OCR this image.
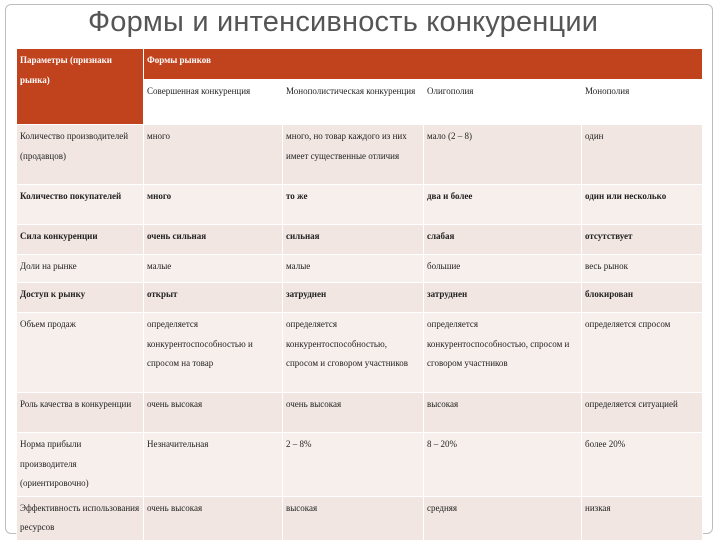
Формы и интенсивность конкуренции
Параметры (признаки рынка)	Формы рынков			
	Совершенная конкуренция	Монополистическая конкуренция	Олигополия	Монополия
Количество производителей (продавцов)	много	много, но товар каждого из них имеет существенные отличия	мало (2 – 8)	один
Количество покупателей	много	то же	два и более	один или несколько
Сила конкуренции	очень сильная	сильная	слабая	отсутствует
Доли на рынке	малые	малые	большие	весь рынок
Доступ к рынку	открыт	затруднен	затруднен	блокирован
Объем продаж	определяется конкурентоспособностью и спросом на товар	определяется конкурентоспособностью, спросом и сговором участников	определяется конкурентоспособностью, спросом и сговором участников	определяется спросом
Роль качества в конкуренции	очень высокая	очень высокая	высокая	определяется ситуацией
Норма прибыли производителя (ориентировочно)	Незначительная	2 – 8%	8 – 20%	более 20%
Эффективность использования ресурсов	очень высокая	высокая	средняя	низкая
